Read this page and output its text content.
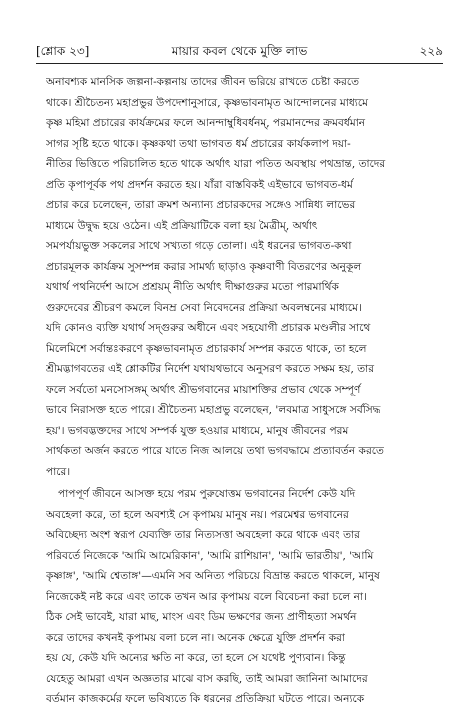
[শ্লোক ২৩]	মায়ার কবল থেকে মুক্তি লাভ	২২৯
অনাবশ্যক মানসিক জল্পনা-কল্পনায় তাদের জীবন ভরিয়ে রাখতে চেষ্টা করতে
থাকে। শ্রীচৈতন্য মহাপ্রভুর উপদেশানুসারে, কৃষ্ণভাবনামৃত আন্দোলনের মাধ্যমে
কৃষ্ণ মহিমা প্রচারের কার্যক্রমের ফলে আনন্দাম্বুধিবর্ধনম্‌, পরমানন্দের ক্রমবর্ধমান
সাগর সৃষ্টি হতে থাকে। কৃষ্ণকথা তথা ভাগবত ধর্ম প্রচারের কার্যকলাপ দয়া-
নীতির ভিত্তিতে পরিচালিত হতে থাকে অর্থাৎ যারা পতিত অবস্থায় পথভ্রান্ত, তাদের
প্রতি কৃপাপূর্বক পথ প্রদর্শন করতে হয়। যাঁরা বাস্তবিকই এইভাবে ভাগবত-ধর্ম
প্রচার করে চলেছেন, তারা ক্রমশ অন্যান্য প্রচারকদের সঙ্গেও সান্নিধ্য লাভের
মাধ্যমে উদ্বুদ্ধ হয়ে ওঠেন। এই প্রক্রিয়াটিকে বলা হয় মৈত্রীম্‌, অর্থাৎ
সমপর্যায়ভুক্ত সকলের সাথে সখ্যতা গড়ে তোলা। এই ধরনের ভাগবত-কথা
প্রচারমূলক কার্যক্রম সুসম্পন্ন করার সামর্থ্য ছাড়াও কৃষ্ণবাণী বিতরণের অনুকূল
যথার্থ পথনির্দেশ আসে প্রশ্রয়ম্‌ নীতি অর্থাৎ দীক্ষাগুরুর মতো পারমার্থিক
গুরুদেবের শ্রীচরণ কমলে বিনম্র সেবা নিবেদনের প্রক্রিয়া অবলম্বনের মাধ্যমে।
যদি কোনও ব্যক্তি যথার্থ সদ্‌গুরুর অধীনে এবং সহযোগী প্রচারক মণ্ডলীর সাথে
মিলেমিশে সর্বান্তঃকরণে কৃষ্ণভাবনামৃত প্রচারকার্য সম্পন্ন করতে থাকে, তা হলে
শ্রীমদ্ভাগবতের এই শ্লোকটির নির্দেশ যথাযথভাবে অনুসরণ করতে সক্ষম হয়, তার
ফলে সর্বতো মনসোসঙ্গম্‌ অর্থাৎ শ্রীভগবানের মায়াশক্তির প্রভাব থেকে সম্পূর্ণ
ভাবে নিরাসক্ত হতে পারে। শ্রীচৈতন্য মহাপ্রভু বলেছেন, 'লবমাত্র সাধুসঙ্গে সর্বসিদ্ধ
হয়'। ভগবদ্ভক্তদের সাথে সম্পর্ক যুক্ত হওয়ার মাধ্যমে, মানুষ জীবনের পরম
সার্থকতা অর্জন করতে পারে যাতে নিজ আলয়ে তথা ভগবদ্ধামে প্রত্যাবর্তন করতে
পারে।
পাপপূর্ণ জীবনে আসক্ত হয়ে পরম পুরুষোত্তম ভগবানের নির্দেশ কেউ যদি
অবহেলা করে, তা হলে অবশ্যই সে কৃপাময় মানুষ নয়। পরমেশ্বর ভগবানের
অবিচ্ছেদ্য অংশ স্বরূপ যেব্যক্তি তার নিত্যসত্তা অবহেলা করে থাকে এবং তার
পরিবর্তে নিজেকে 'আমি আমেরিকান', 'আমি রাশিয়ান', 'আমি ভারতীয়', 'আমি
কৃষ্ণাঙ্গ', 'আমি শ্বেতাঙ্গ'—এমনি সব অনিত্য পরিচয়ে বিভ্রান্ত করতে থাকলে, মানুষ
নিজেকেই নষ্ট করে এবং তাকে তখন আর কৃপাময় বলে বিবেচনা করা চলে না।
ঠিক সেই ভাবেই, যারা মাছ, মাংস এবং ডিম ভক্ষণের জন্য প্রাণীহত্যা সমর্থন
করে তাদের কখনই কৃপাময় বলা চলে না। অনেক ক্ষেত্রে যুক্তি প্রদর্শন করা
হয় যে, কেউ যদি অন্যের ক্ষতি না করে, তা হলে সে যথেষ্ট পুণ্যবান। কিন্তু
যেহেতু আমরা এখন অজ্ঞতার মাঝে বাস করছি, তাই আমরা জানিনা আমাদের
বর্তমান কাজকর্মের ফলে ভবিষ্যতে কি ধরনের প্রতিক্রিয়া ঘটতে পারে। অন্যকে
